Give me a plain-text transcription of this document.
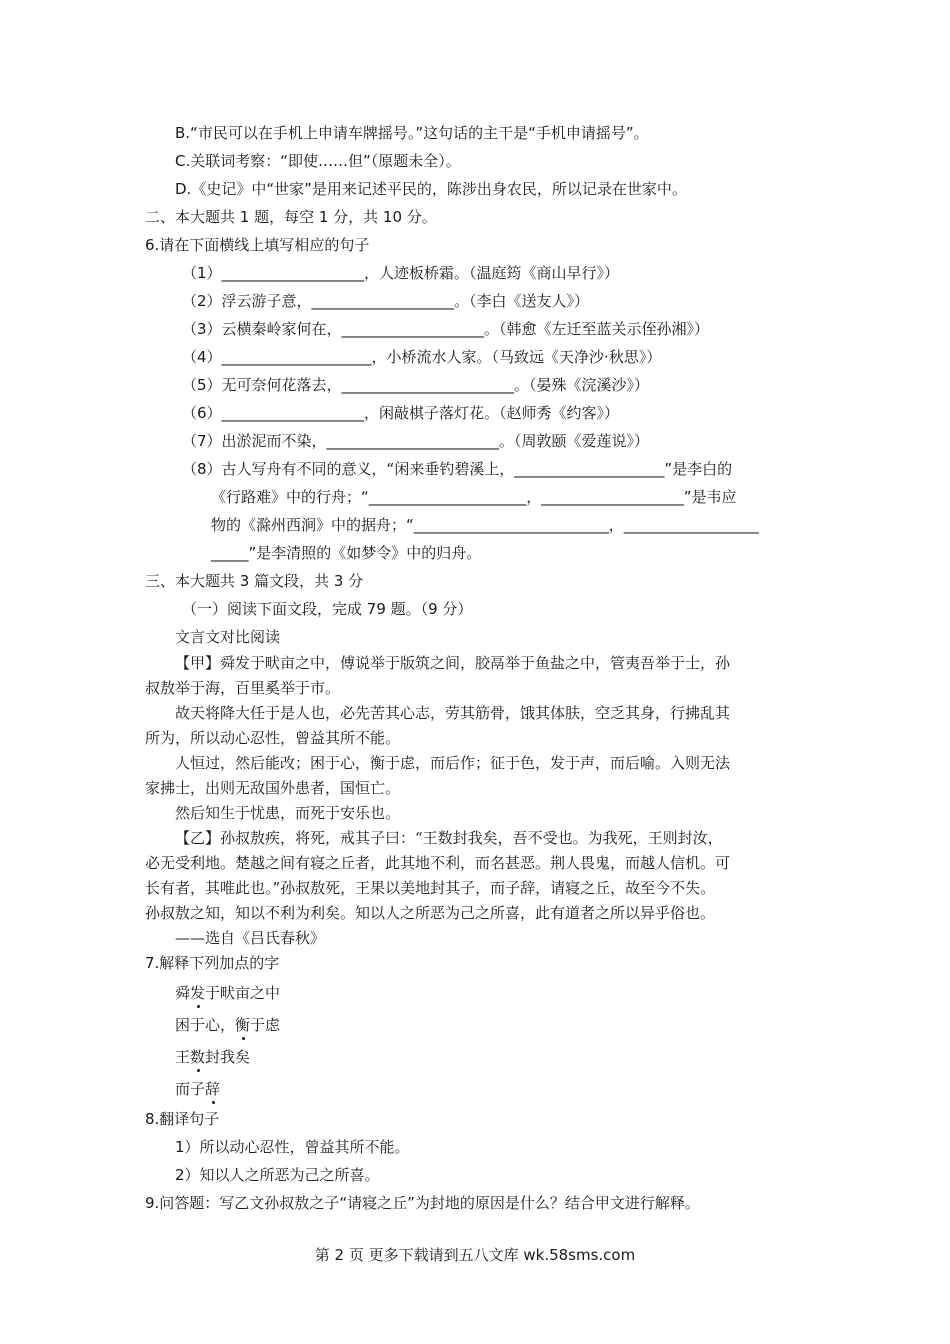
B.“市民可以在手机上申请车牌摇号。”这句话的主干是“手机申请摇号”。
C.关联词考察：“即使……但”（原题未全）。
D.《史记》中“世家”是用来记述平民的，陈涉出身农民，所以记录在世家中。
二、本大题共 1 题，每空 1 分，共 10 分。
6.请在下面横线上填写相应的句子
（1）___________________，人迹板桥霜。（温庭筠《商山早行》）
（2）浮云游子意，___________________。（李白《送友人》）
（3）云横秦岭家何在，___________________。（韩愈《左迁至蓝关示侄孙湘》）
（4）____________________，小桥流水人家。（马致远《天净沙·秋思》）
（5）无可奈何花落去，_______________________。（晏殊《浣溪沙》）
（6）___________________，闲敲棋子落灯花。（赵师秀《约客》）
（7）出淤泥而不染，_______________________。（周敦颐《爱莲说》）
（8）古人写舟有不同的意义，“闲来垂钓碧溪上，____________________”是李白的
《行路难》中的行舟；“_____________________，___________________”是韦应
物的《滁州西涧》中的据舟；“__________________________，__________________
_____”是李清照的《如梦令》中的归舟。
三、本大题共 3 篇文段，共 3 分
（一）阅读下面文段，完成 79 题。（9 分）
文言文对比阅读
【甲】舜发于畎亩之中，傅说举于版筑之间，胶鬲举于鱼盐之中，管夷吾举于士，孙
叔敖举于海，百里奚举于市。
故天将降大任于是人也，必先苦其心志，劳其筋骨，饿其体肤，空乏其身，行拂乱其
所为，所以动心忍性，曾益其所不能。
人恒过，然后能改；困于心，衡于虑，而后作；征于色，发于声，而后喻。入则无法
家拂士，出则无敌国外患者，国恒亡。
然后知生于忧患，而死于安乐也。
【乙】孙叔敖疾，将死，戒其子曰：“王数封我矣，吾不受也。为我死，王则封汝，
必无受利地。楚越之间有寝之丘者，此其地不利，而名甚恶。荆人畏鬼，而越人信机。可
长有者，其唯此也。”孙叔敖死，王果以美地封其子，而子辞，请寝之丘，故至今不失。
孙叔敖之知，知以不利为利矣。知以人之所恶为己之所喜，此有道者之所以异乎俗也。
——选自《吕氏春秋》
7.解释下列加点的字
舜发于畎亩之中
困于心，衡于虑
王数封我矣
而子辞
8.翻译句子
1）所以动心忍性，曾益其所不能。
2）知以人之所恶为己之所喜。
9.问答题：写乙文孙叔敖之子“请寝之丘”为封地的原因是什么？结合甲文进行解释。
第 2 页 更多下载请到五八文库 wk.58sms.com
